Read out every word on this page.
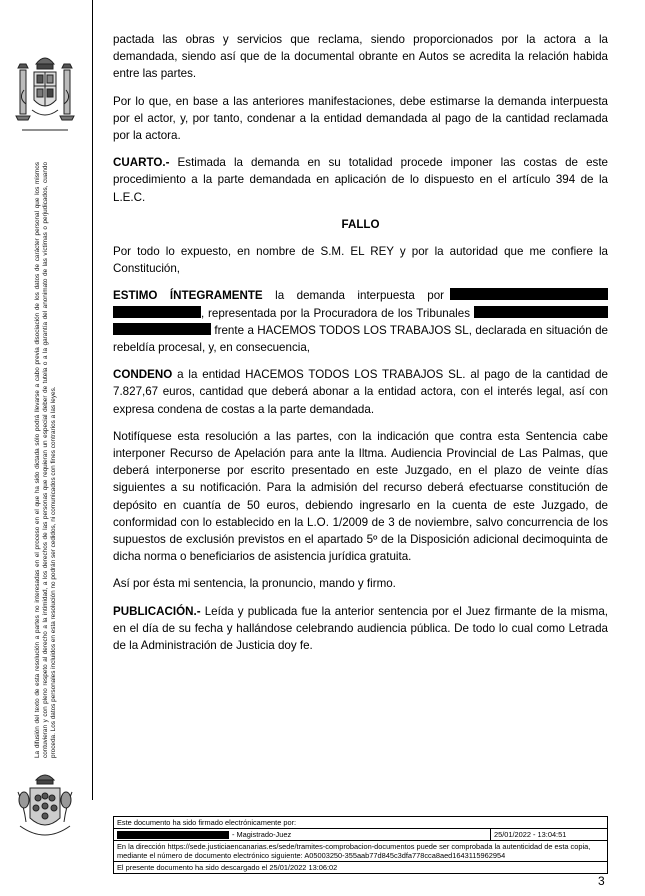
La difusión del texto de esta resolución a partes no interesadas en el proceso en el que ha sido dictada sólo podrá llevarse a cabo previa disociación de los datos de carácter personal que los mismos contuvieran y con pleno respeto al derecho a la intimidad, a los derechos de las personas que requieran un especial deber de tutela o a la garantía del anonimato de las víctimas o perjudicados, cuando proceda. Los datos personales incluidos en esta resolución no podrán ser cedidos, ni comunicados con fines contrarios a las leyes.

pactada las obras y servicios que reclama, siendo proporcionados por la actora a la demandada, siendo así que de la documental obrante en Autos se acredita la relación habida entre las partes.

Por lo que, en base a las anteriores manifestaciones, debe estimarse la demanda interpuesta por el actor, y, por tanto, condenar a la entidad demandada al pago de la cantidad reclamada por la actora.

CUARTO.- Estimada la demanda en su totalidad procede imponer las costas de este procedimiento a la parte demandada en aplicación de lo dispuesto en el artículo 394 de la L.E.C.

FALLO

Por todo lo expuesto, en nombre de S.M. EL REY y por la autoridad que me confiere la Constitución,

ESTIMO ÍNTEGRAMENTE la demanda interpuesta por , representada por la Procuradora de los Tribunales  frente a HACEMOS TODOS LOS TRABAJOS SL, declarada en situación de rebeldía procesal, y, en consecuencia,

CONDENO a la entidad HACEMOS TODOS LOS TRABAJOS SL. al pago de la cantidad de 7.827,67 euros, cantidad que deberá abonar a la entidad actora, con el interés legal, así con expresa condena de costas a la parte demandada.

Notifíquese esta resolución a las partes, con la indicación que contra esta Sentencia cabe interponer Recurso de Apelación para ante la Iltma. Audiencia Provincial de Las Palmas, que deberá interponerse por escrito presentado en este Juzgado, en el plazo de veinte días siguientes a su notificación. Para la admisión del recurso deberá efectuarse constitución de depósito en cuantía de 50 euros, debiendo ingresarlo en la cuenta de este Juzgado, de conformidad con lo establecido en la L.O. 1/2009 de 3 de noviembre, salvo concurrencia de los supuestos de exclusión previstos en el apartado 5º de la Disposición adicional decimoquinta de dicha norma o beneficiarios de asistencia jurídica gratuita.

Así por ésta mi sentencia, la pronuncio, mando y firmo.

PUBLICACIÓN.- Leída y publicada fue la anterior sentencia por el Juez firmante de la misma, en el día de su fecha y hallándose celebrando audiencia pública. De todo lo cual como Letrada de la Administración de Justicia doy fe.

Este documento ha sido firmado electrónicamente por:
- Magistrado-Juez	25/01/2022 - 13:04:51
En la dirección https://sede.justiciaencanarias.es/sede/tramites-comprobacion-documentos puede ser comprobada la autenticidad de esta copia, mediante el número de documento electrónico siguiente: A05003250-355aab77d845c3dfa778cca8aed1643115962954
El presente documento ha sido descargado el 25/01/2022 13:06:02
3
